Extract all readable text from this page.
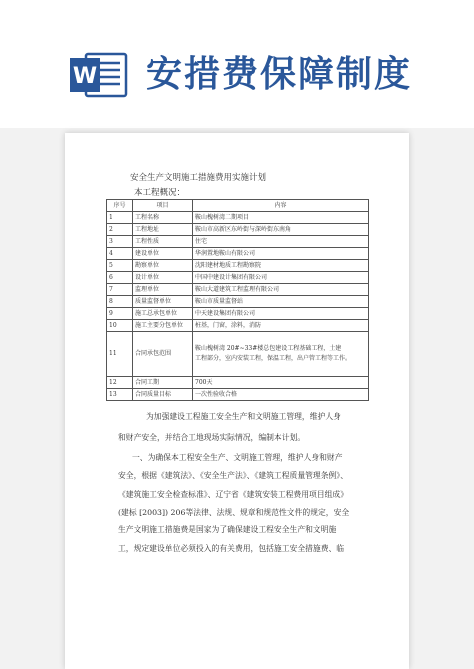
W 安措费保障制度
安全生产文明施工措施费用实施计划
本工程概况：
序号	项目	内容
1	工程名称	鞍山槐树湾二期项目
2	工程地址	鞍山市高新区东岭街与深岭街东南角
3	工程性质	住宅
4	建设单位	华润置地鞍山有限公司
5	勘察单位	沈阳建材地质工程勘察院
6	设计单位	中国中建设计集团有限公司
7	监理单位	鞍山大道建筑工程监理有限公司
8	质量监督单位	鞍山市质量监督站
9	施工总承包单位	中天建设集团有限公司
10	施工主要分包单位	桩基，门窗，涂料，消防
11	合同承包范围	鞍山槐树湾 20#~33#楼总包建设工程基础工程，土建
工程部分，室内安装工程，保温工程，出户管工程等工作。

12	合同工期	700天
13	合同质量目标	一次性验收合格
为加强建设工程施工安全生产和文明施工管理，维护人身
和财产安全，并结合工地现场实际情况，编制本计划。
一、为确保本工程安全生产、文明施工管理，维护人身和财产
安全，根据《建筑法》、《安全生产法》、《建筑工程质量管理条例》、
《建筑施工安全检查标准》、辽宁省《建筑安装工程费用项目组成》
(建标 [2003]) 206等法律、法规、规章和规范性文件的规定，安全
生产文明施工措施费是国家为了确保建设工程安全生产和文明施
工，规定建设单位必须投入的有关费用，包括施工安全措施费、临
